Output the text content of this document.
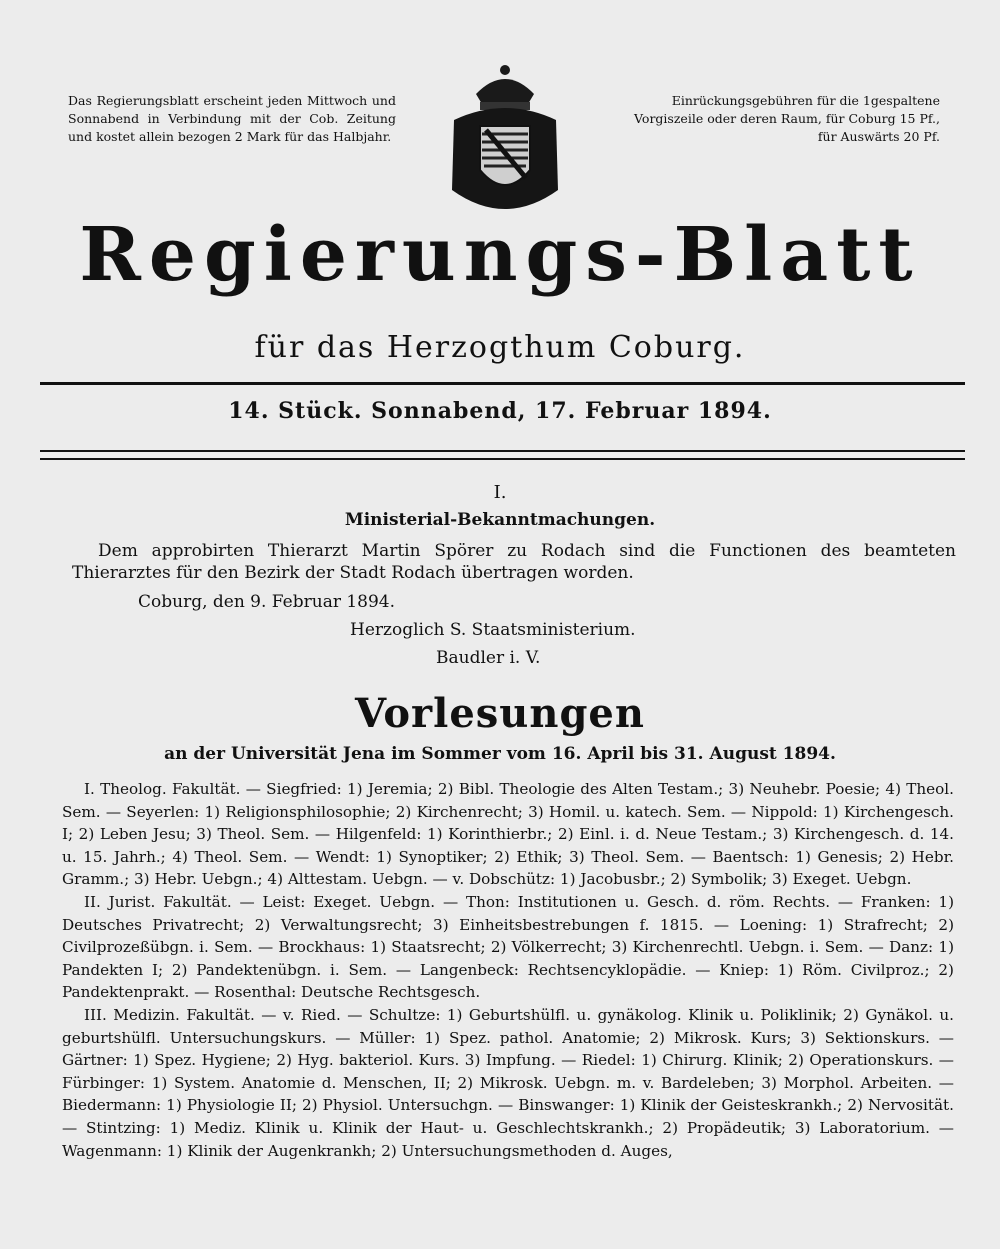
Das Regierungsblatt erscheint jeden Mittwoch und Sonnabend in Verbindung mit der Cob. Zeitung und kostet allein bezogen 2 Mark für das Halbjahr.
Einrückungsgebühren für die 1gespaltene Vorgiszeile oder deren Raum, für Coburg 15 Pf., für Auswärts 20 Pf.
Regierungs-Blatt
für das Herzogthum Coburg.
14. Stück. Sonnabend, 17. Februar 1894.
I.
Ministerial-Bekanntmachungen.
Dem approbirten Thierarzt Martin Spörer zu Rodach sind die Functionen des beamteten Thierarztes für den Bezirk der Stadt Rodach übertragen worden.
Coburg, den 9. Februar 1894.
Herzoglich S. Staatsministerium.
Baudler i. V.
Vorlesungen
an der Universität Jena im Sommer vom 16. April bis 31. August 1894.

I. Theolog. Fakultät. — Siegfried: 1) Jeremia; 2) Bibl. Theologie des Alten Testam.; 3) Neuhebr. Poesie; 4) Theol. Sem. — Seyerlen: 1) Religionsphilosophie; 2) Kirchenrecht; 3) Homil. u. katech. Sem. — Nippold: 1) Kirchengesch. I; 2) Leben Jesu; 3) Theol. Sem. — Hilgenfeld: 1) Korinthierbr.; 2) Einl. i. d. Neue Testam.; 3) Kirchengesch. d. 14. u. 15. Jahrh.; 4) Theol. Sem. — Wendt: 1) Synoptiker; 2) Ethik; 3) Theol. Sem. — Baentsch: 1) Genesis; 2) Hebr. Gramm.; 3) Hebr. Uebgn.; 4) Alttestam. Uebgn. — v. Dobschütz: 1) Jacobusbr.; 2) Symbolik; 3) Exeget. Uebgn.

II. Jurist. Fakultät. — Leist: Exeget. Uebgn. — Thon: Institutionen u. Gesch. d. röm. Rechts. — Franken: 1) Deutsches Privatrecht; 2) Verwaltungsrecht; 3) Einheitsbestrebungen f. 1815. — Loening: 1) Strafrecht; 2) Civilprozeßübgn. i. Sem. — Brockhaus: 1) Staatsrecht; 2) Völkerrecht; 3) Kirchenrechtl. Uebgn. i. Sem. — Danz: 1) Pandekten I; 2) Pandektenübgn. i. Sem. — Langenbeck: Rechtsencyklopädie. — Kniep: 1) Röm. Civilproz.; 2) Pandektenprakt. — Rosenthal: Deutsche Rechtsgesch.

III. Medizin. Fakultät. — v. Ried. — Schultze: 1) Geburtshülfl. u. gynäkolog. Klinik u. Poliklinik; 2) Gynäkol. u. geburtshülfl. Untersuchungskurs. — Müller: 1) Spez. pathol. Anatomie; 2) Mikrosk. Kurs; 3) Sektionskurs. — Gärtner: 1) Spez. Hygiene; 2) Hyg. bakteriol. Kurs. 3) Impfung. — Riedel: 1) Chirurg. Klinik; 2) Operationskurs. — Fürbinger: 1) System. Anatomie d. Menschen, II; 2) Mikrosk. Uebgn. m. v. Bardeleben; 3) Morphol. Arbeiten. — Biedermann: 1) Physiologie II; 2) Physiol. Untersuchgn. — Binswanger: 1) Klinik der Geisteskrankh.; 2) Nervosität. — Stintzing: 1) Mediz. Klinik u. Klinik der Haut- u. Geschlechtskrankh.; 2) Propädeutik; 3) Laboratorium. — Wagenmann: 1) Klinik der Augenkrankh; 2) Untersuchungsmethoden d. Auges,
